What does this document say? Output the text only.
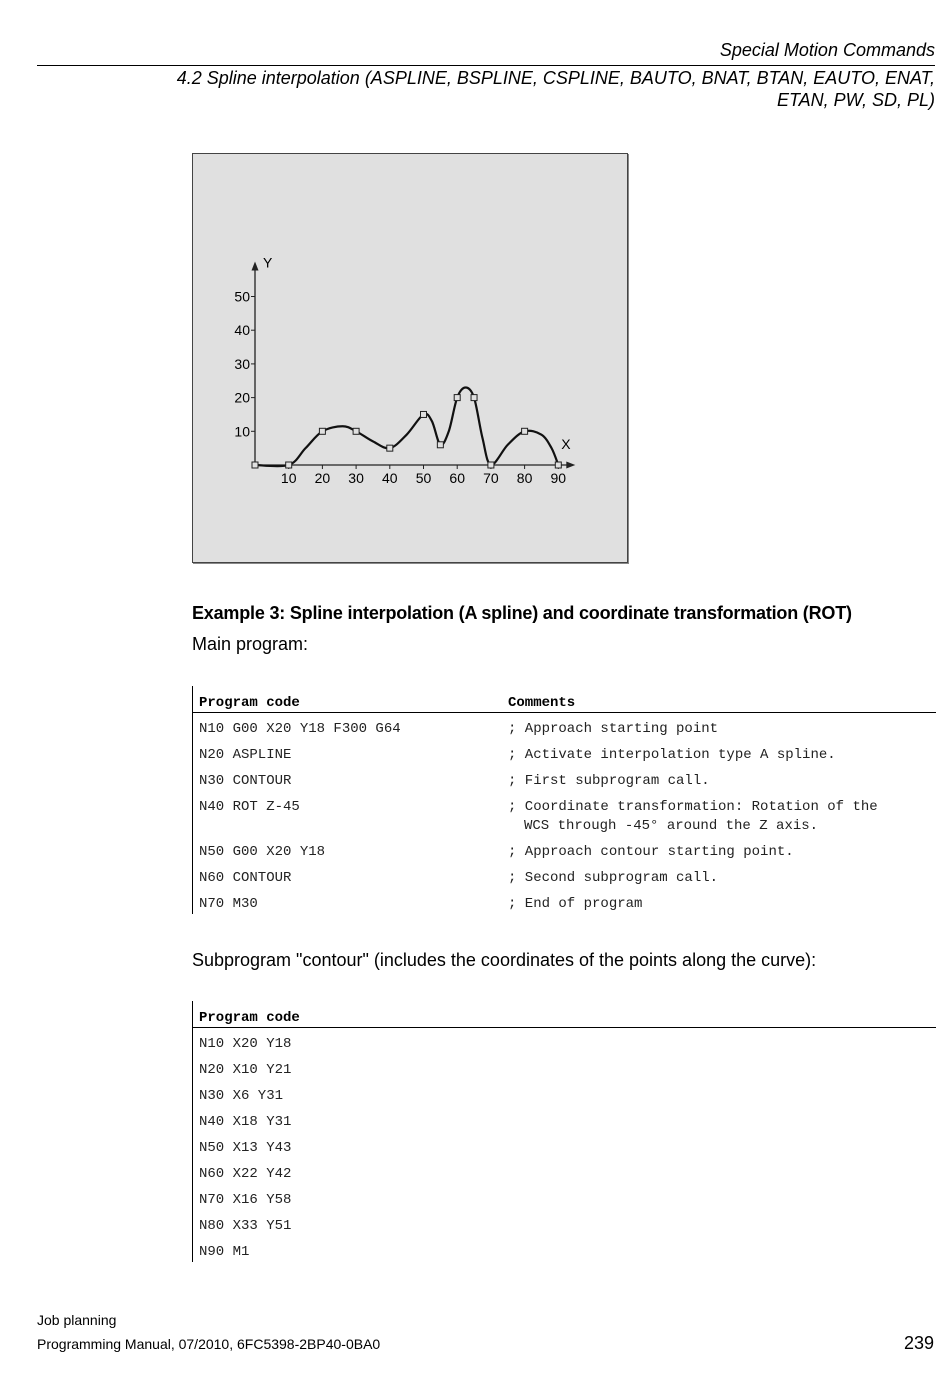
Special Motion Commands
4.2 Spline interpolation (ASPLINE, BSPLINE, CSPLINE, BAUTO, BNAT, BTAN, EAUTO, ENAT, ETAN, PW, SD, PL)
10 20 30 40 50 60 70 80 90
10
20
30
40
50
X
Y
Example 3: Spline interpolation (A spline) and coordinate transformation (ROT)
Main program:
Program code	Comments
N10 G00 X20 Y18 F300 G64	; Approach starting point
N20 ASPLINE	; Activate interpolation type A spline.
N30 CONTOUR	; First subprogram call.
N40 ROT Z-45	; Coordinate transformation: Rotation of the
WCS through -45° around the Z axis.
N50 G00 X20 Y18	; Approach contour starting point.
N60 CONTOUR	; Second subprogram call.
N70 M30	; End of program
Subprogram "contour" (includes the coordinates of the points along the curve):
Program code
N10 X20 Y18
N20 X10 Y21
N30 X6 Y31
N40 X18 Y31
N50 X13 Y43
N60 X22 Y42
N70 X16 Y58
N80 X33 Y51
N90 M1
Job planning
Programming Manual, 07/2010, 6FC5398-2BP40-0BA0	239
